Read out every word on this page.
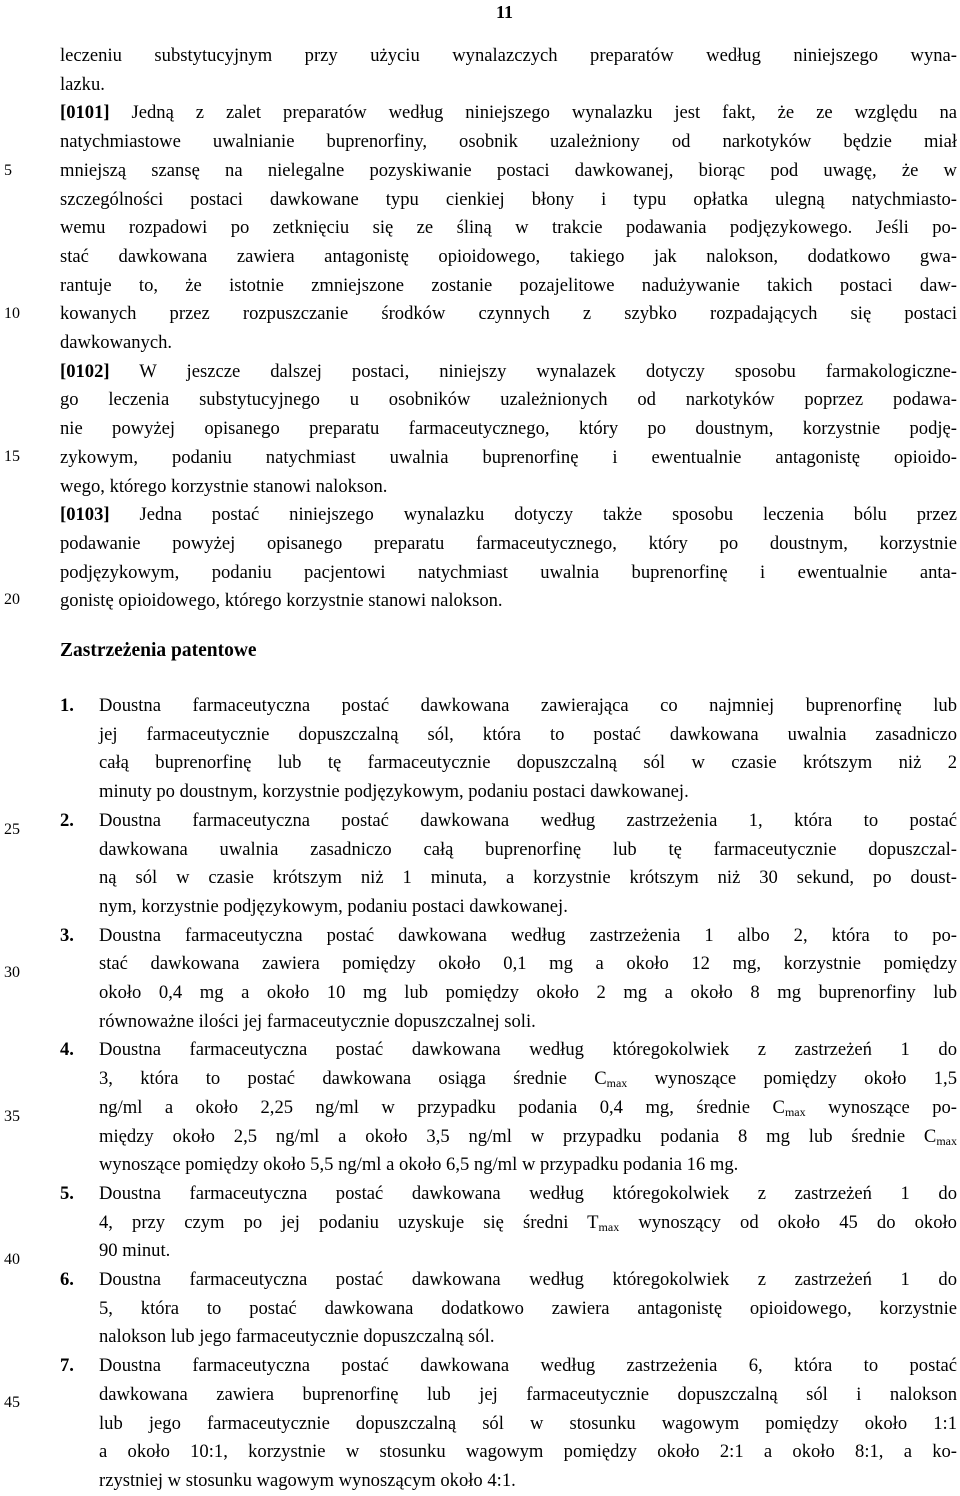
11
5
10
15
20
25
30
35
40
45
leczeniu substytucyjnym przy użyciu wynalazczych preparatów według niniejszego wyna-
lazku.
[0101] Jedną z zalet preparatów według niniejszego wynalazku jest fakt, że ze względu na
natychmiastowe uwalnianie buprenorfiny, osobnik uzależniony od narkotyków będzie miał
mniejszą szansę na nielegalne pozyskiwanie postaci dawkowanej, biorąc pod uwagę, że w
szczególności postaci dawkowane typu cienkiej błony i typu opłatka ulegną natychmiasto-
wemu rozpadowi po zetknięciu się ze śliną w trakcie podawania podjęzykowego. Jeśli po-
stać dawkowana zawiera antagonistę opioidowego, takiego jak nalokson, dodatkowo gwa-
rantuje to, że istotnie zmniejszone zostanie pozajelitowe nadużywanie takich postaci daw-
kowanych przez rozpuszczanie środków czynnych z szybko rozpadających się postaci
dawkowanych.
[0102] W jeszcze dalszej postaci, niniejszy wynalazek dotyczy sposobu farmakologiczne-
go leczenia substytucyjnego u osobników uzależnionych od narkotyków poprzez podawa-
nie powyżej opisanego preparatu farmaceutycznego, który po doustnym, korzystnie podję-
zykowym, podaniu natychmiast uwalnia buprenorfinę i ewentualnie antagonistę opioido-
wego, którego korzystnie stanowi nalokson.
[0103] Jedna postać niniejszego wynalazku dotyczy także sposobu leczenia bólu przez
podawanie powyżej opisanego preparatu farmaceutycznego, który po doustnym, korzystnie
podjęzykowym, podaniu pacjentowi natychmiast uwalnia buprenorfinę i ewentualnie anta-
gonistę opioidowego, którego korzystnie stanowi nalokson.
Zastrzeżenia patentowe
1. Doustna farmaceutyczna postać dawkowana zawierająca co najmniej buprenorfinę lub
jej farmaceutycznie dopuszczalną sól, która to postać dawkowana uwalnia zasadniczo
całą buprenorfinę lub tę farmaceutycznie dopuszczalną sól w czasie krótszym niż 2
minuty po doustnym, korzystnie podjęzykowym, podaniu postaci dawkowanej.
2. Doustna farmaceutyczna postać dawkowana według zastrzeżenia 1, która to postać
dawkowana uwalnia zasadniczo całą buprenorfinę lub tę farmaceutycznie dopuszczal-
ną sól w czasie krótszym niż 1 minuta, a korzystnie krótszym niż 30 sekund, po doust-
nym, korzystnie podjęzykowym, podaniu postaci dawkowanej.
3. Doustna farmaceutyczna postać dawkowana według zastrzeżenia 1 albo 2, która to po-
stać dawkowana zawiera pomiędzy około 0,1 mg a około 12 mg, korzystnie pomiędzy
około 0,4 mg a około 10 mg lub pomiędzy około 2 mg a około 8 mg buprenorfiny lub
równoważne ilości jej farmaceutycznie dopuszczalnej soli.
4. Doustna farmaceutyczna postać dawkowana według któregokolwiek z zastrzeżeń 1 do
3, która to postać dawkowana osiąga średnie $C_{max}$ wynoszące pomiędzy około 1,5
ng/ml a około 2,25 ng/ml w przypadku podania 0,4 mg, średnie $C_{max}$ wynoszące po-
między około 2,5 ng/ml a około 3,5 ng/ml w przypadku podania 8 mg lub średnie $C_{max}$
wynoszące pomiędzy około 5,5 ng/ml a około 6,5 ng/ml w przypadku podania 16 mg.
5. Doustna farmaceutyczna postać dawkowana według któregokolwiek z zastrzeżeń 1 do
4, przy czym po jej podaniu uzyskuje się średni $T_{max}$ wynoszący od około 45 do około
90 minut.
6. Doustna farmaceutyczna postać dawkowana według któregokolwiek z zastrzeżeń 1 do
5, która to postać dawkowana dodatkowo zawiera antagonistę opioidowego, korzystnie
nalokson lub jego farmaceutycznie dopuszczalną sól.
7. Doustna farmaceutyczna postać dawkowana według zastrzeżenia 6, która to postać
dawkowana zawiera buprenorfinę lub jej farmaceutycznie dopuszczalną sól i nalokson
lub jego farmaceutycznie dopuszczalną sól w stosunku wagowym pomiędzy około 1:1
a około 10:1, korzystnie w stosunku wagowym pomiędzy około 2:1 a około 8:1, a ko-
rzystniej w stosunku wagowym wynoszącym około 4:1.
